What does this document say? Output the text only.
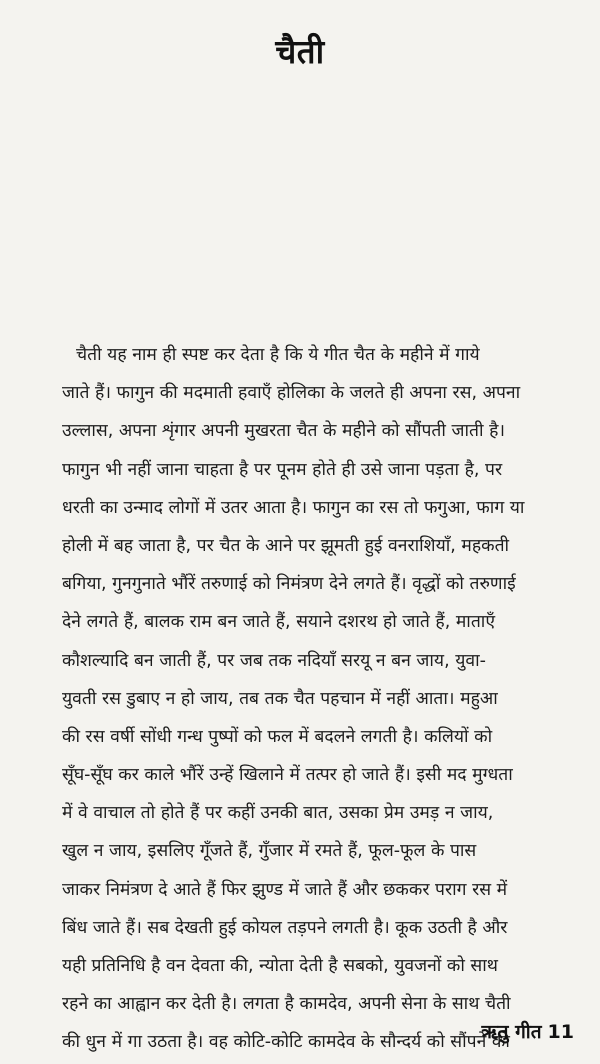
चैती
चैती यह नाम ही स्पष्ट कर देता है कि ये गीत चैत के महीने में गाये
जाते हैं। फागुन की मदमाती हवाएँ होलिका के जलते ही अपना रस, अपना
उल्लास, अपना शृंगार अपनी मुखरता चैत के महीने को सौंपती जाती है।
फागुन भी नहीं जाना चाहता है पर पूनम होते ही उसे जाना पड़ता है, पर
धरती का उन्माद लोगों में उतर आता है। फागुन का रस तो फगुआ, फाग या
होली में बह जाता है, पर चैत के आने पर झूमती हुई वनराशियाँ, महकती
बगिया, गुनगुनाते भौंरें तरुणाई को निमंत्रण देने लगते हैं। वृद्धों को तरुणाई
देने लगते हैं, बालक राम बन जाते हैं, सयाने दशरथ हो जाते हैं, माताएँ
कौशल्यादि बन जाती हैं, पर जब तक नदियाँ सरयू न बन जाय, युवा-
युवती रस डुबाए न हो जाय, तब तक चैत पहचान में नहीं आता। महुआ
की रस वर्षी सोंधी गन्ध पुष्पों को फल में बदलने लगती है। कलियों को
सूँघ-सूँघ कर काले भौंरें उन्हें खिलाने में तत्पर हो जाते हैं। इसी मद मुग्धता
में वे वाचाल तो होते हैं पर कहीं उनकी बात, उसका प्रेम उमड़ न जाय,
खुल न जाय, इसलिए गूँजते हैं, गुँजार में रमते हैं, फूल-फूल के पास
जाकर निमंत्रण दे आते हैं फिर झुण्ड में जाते हैं और छककर पराग रस में
बिंध जाते हैं। सब देखती हुई कोयल तड़पने लगती है। कूक उठती है और
यही प्रतिनिधि है वन देवता की, न्योता देती है सबको, युवजनों को साथ
रहने का आह्वान कर देती है। लगता है कामदेव, अपनी सेना के साथ चैती
की धुन में गा उठता है। वह कोटि-कोटि कामदेव के सौन्दर्य को सौंपने की
ऋतु गीत 11
